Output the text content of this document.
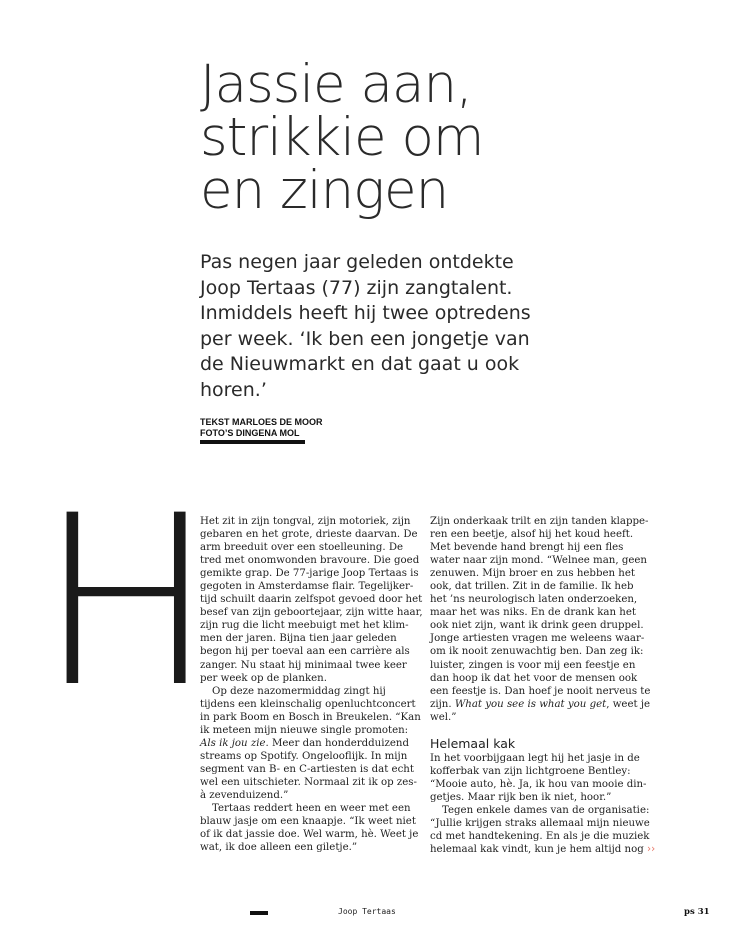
Jassie aan,
strikkie om
en zingen

Pas negen jaar geleden ontdekte
Joop Tertaas (77) zijn zangtalent.
Inmiddels heeft hij twee optredens
per week. ‘Ik ben een jongetje van
de Nieuwmarkt en dat gaat u ook
horen.’

TEKST MARLOES DE MOOR
FOTO’S DINGENA MOL
H
Het zit in zijn tongval, zijn motoriek, zijn
gebaren en het grote, drieste daarvan. De
arm breeduit over een stoelleuning. De
tred met onomwonden bravoure. Die goed
gemikte grap. De 77-jarige Joop Tertaas is
gegoten in Amsterdamse flair. Tegelijker-
tijd schuilt daarin zelfspot gevoed door het
besef van zijn geboortejaar, zijn witte haar,
zijn rug die licht meebuigt met het klim-
men der jaren. Bijna tien jaar geleden
begon hij per toeval aan een carrière als
zanger. Nu staat hij minimaal twee keer
per week op de planken.
Op deze nazomermiddag zingt hij
tijdens een kleinschalig openluchtconcert
in park Boom en Bosch in Breukelen. “Kan
ik meteen mijn nieuwe single promoten:
Als ik jou zie. Meer dan honderdduizend
streams op Spotify. Ongelooflijk. In mijn
segment van B- en C-artiesten is dat echt
wel een uitschieter. Normaal zit ik op zes-
à zevenduizend.”
Tertaas reddert heen en weer met een
blauw jasje om een knaapje. “Ik weet niet
of ik dat jassie doe. Wel warm, hè. Weet je
wat, ik doe alleen een giletje.”
Zijn onderkaak trilt en zijn tanden klappe-
ren een beetje, alsof hij het koud heeft.
Met bevende hand brengt hij een fles
water naar zijn mond. “Welnee man, geen
zenuwen. Mijn broer en zus hebben het
ook, dat trillen. Zit in de familie. Ik heb
het ’ns neurologisch laten onderzoeken,
maar het was niks. En de drank kan het
ook niet zijn, want ik drink geen druppel.
Jonge artiesten vragen me weleens waar-
om ik nooit zenuwachtig ben. Dan zeg ik:
luister, zingen is voor mij een feestje en
dan hoop ik dat het voor de mensen ook
een feestje is. Dan hoef je nooit nerveus te
zijn. What you see is what you get, weet je
wel.”
Helemaal kak
In het voorbijgaan legt hij het jasje in de
kofferbak van zijn lichtgroene Bentley:
“Mooie auto, hè. Ja, ik hou van mooie din-
getjes. Maar rijk ben ik niet, hoor.”
Tegen enkele dames van de organisatie:
“Jullie krijgen straks allemaal mijn nieuwe
cd met handtekening. En als je die muziek
helemaal kak vindt, kun je hem altijd nog ››
Joop Tertaas	ps 31
